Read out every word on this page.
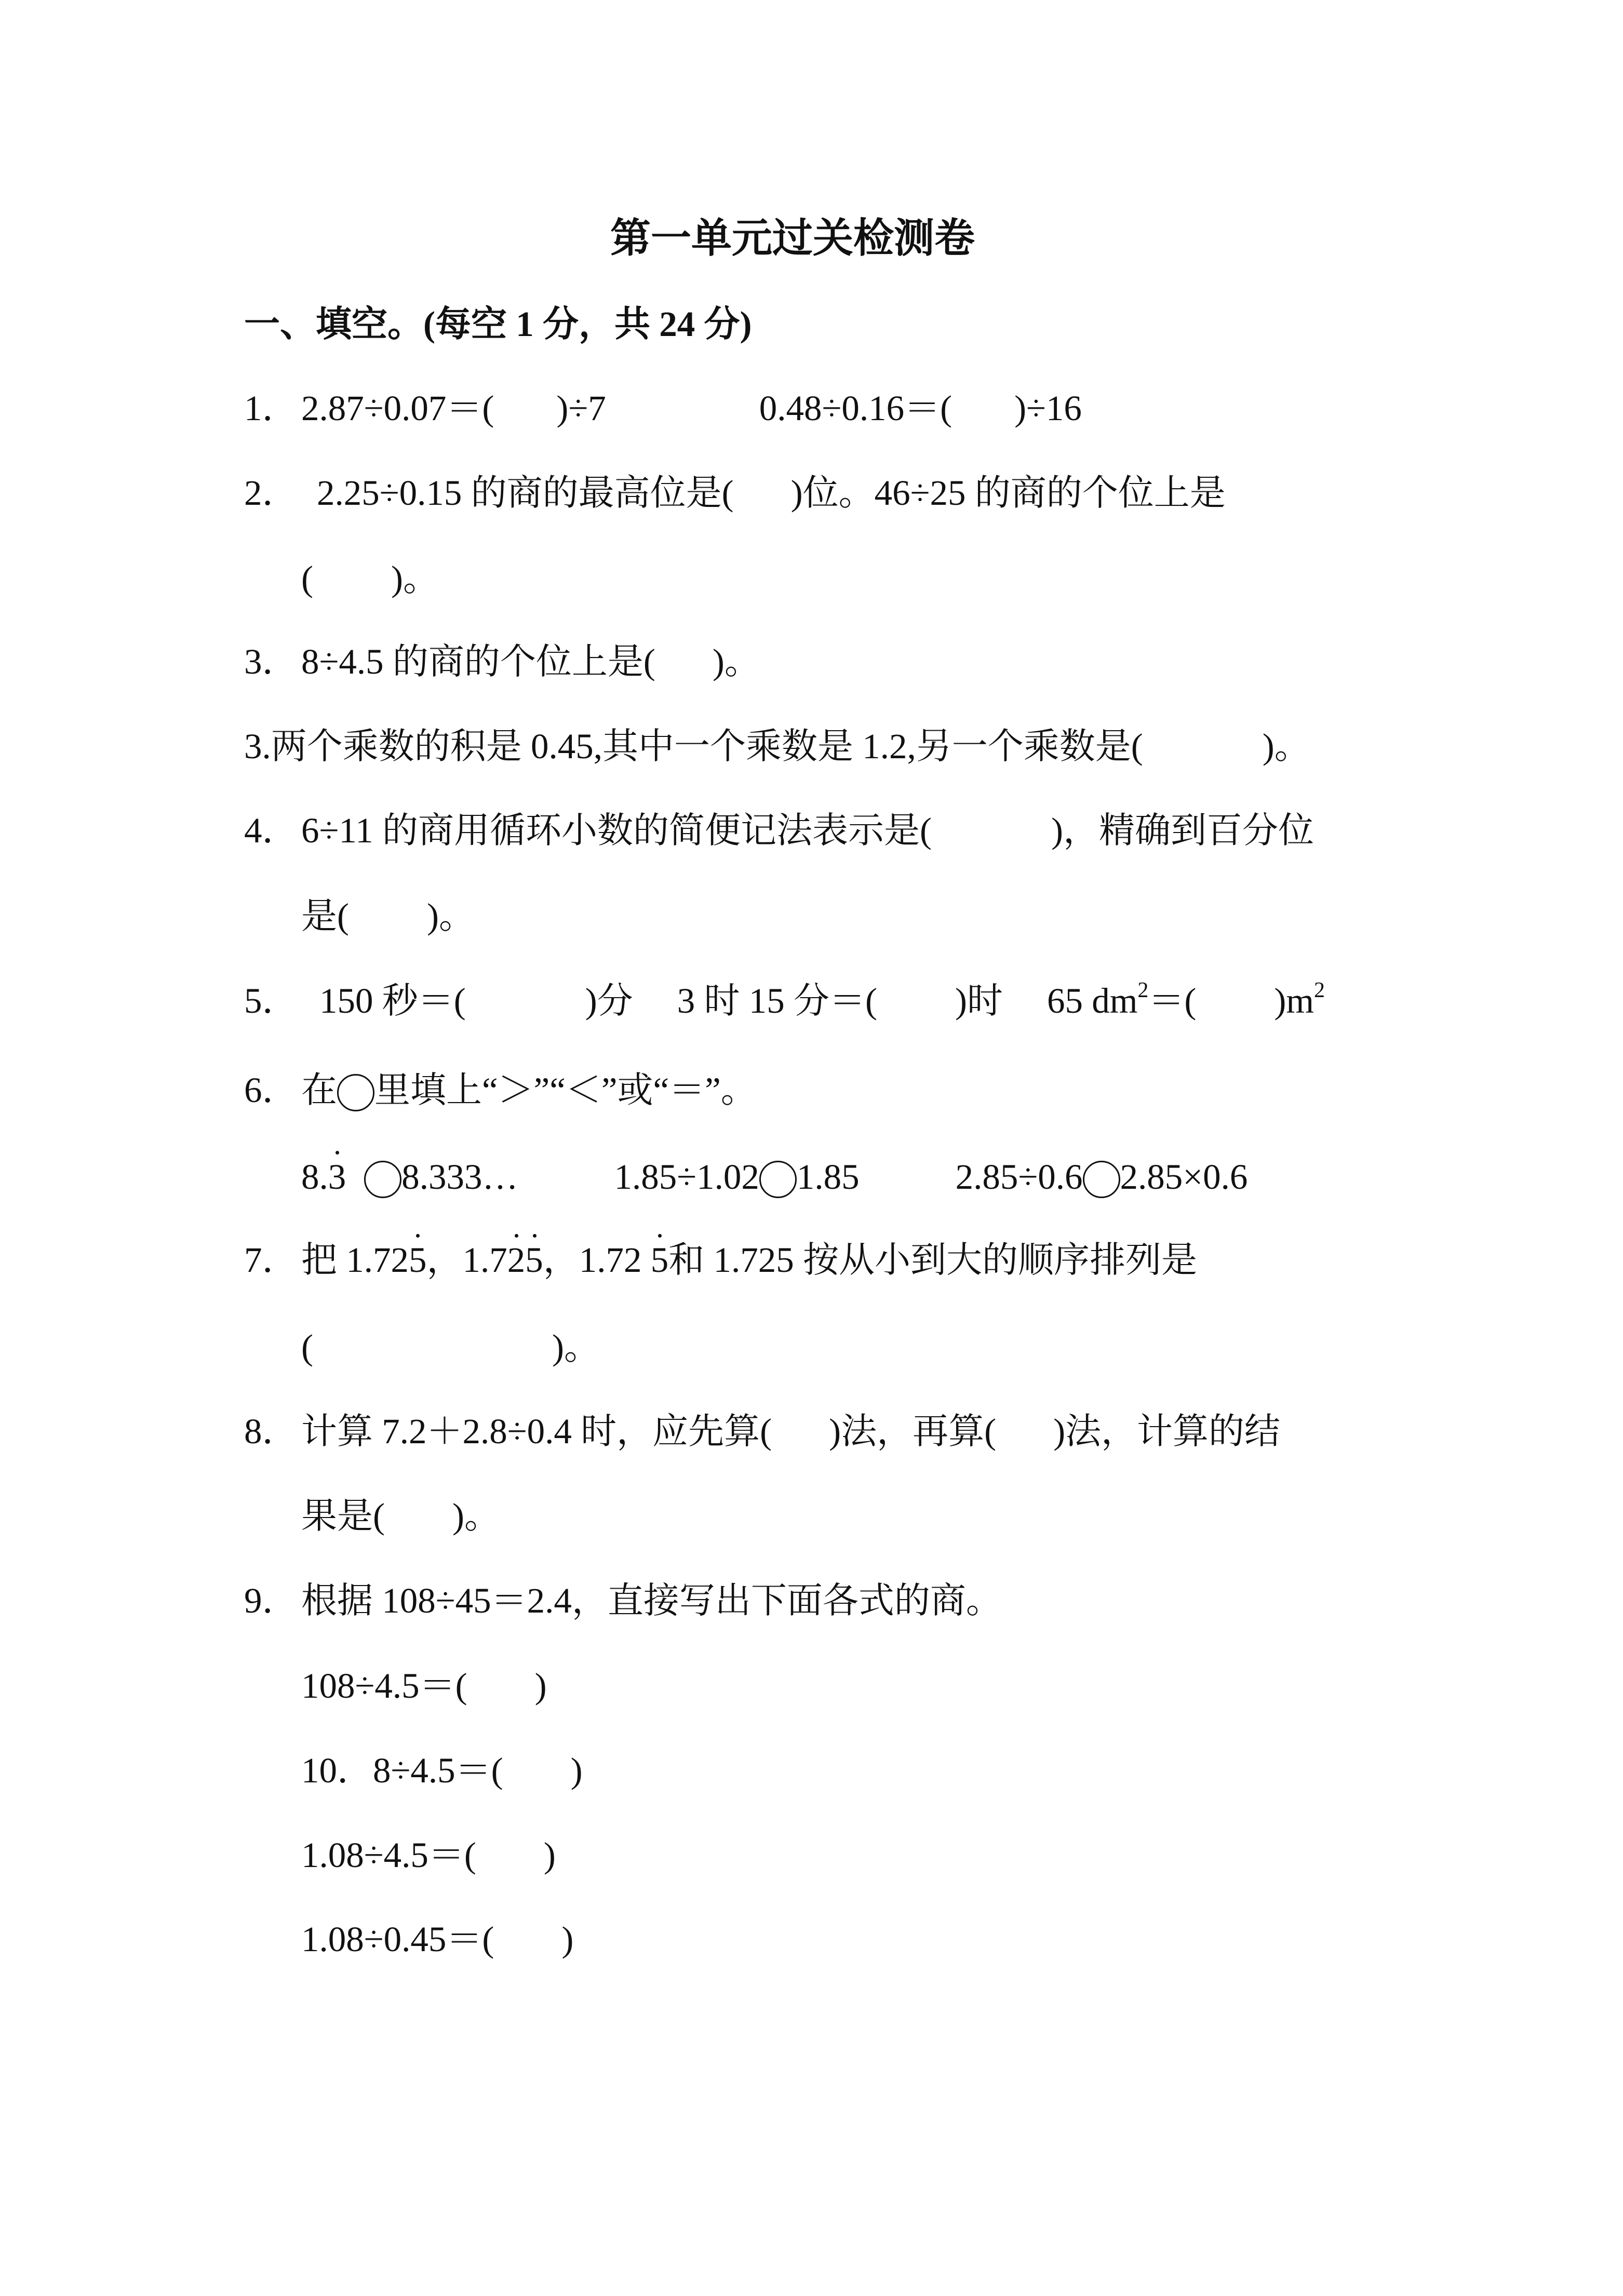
第一单元过关检测卷
一、填空。(每空 1 分，共 24 分)
1．2.87÷0.07＝( )÷7	0.48÷0.16＝( )÷16
2． 2.25÷0.15 的商的最高位是( )位。46÷25 的商的个位上是
( )。
3．8÷4.5 的商的个位上是( )。
3.两个乘数的积是 0.45,其中一个乘数是 1.2,另一个乘数是(	)。
4．6÷11 的商用循环小数的简便记法表示是(	)，精确到百分位
是( )。
5． 150 秒＝(	)分 3 时 15 分＝( )时 65 $dm^2=$( )$m^2$
6．在 里填上“＞”“＜”或“＝”。
8.3 8.333…	1.85÷1.02 1.85	2.85÷0.6 2.85×0.6
7．把 1.725，1.725，1.72 5和 1.725 按从小到大的顺序排列是
(	)。
8．计算 7.2＋2.8÷0.4 时，应先算( )法，再算( )法，计算的结
果是( )。
9．根据 108÷45＝2.4，直接写出下面各式的商。
108÷4.5＝( )
10．8÷4.5＝( )
1.08÷4.5＝( )
1.08÷0.45＝( )
